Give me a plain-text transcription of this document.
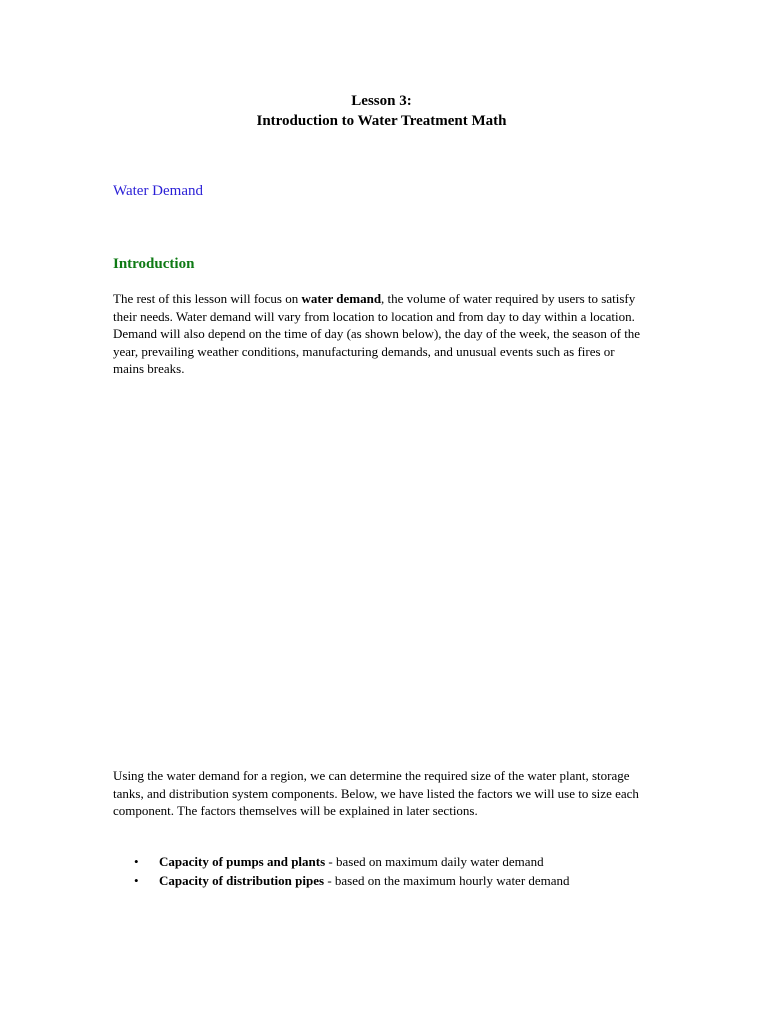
Lesson 3:
Introduction to Water Treatment Math
Water Demand
Introduction

The rest of this lesson will focus on water demand, the volume of water required by users to satisfy their needs. Water demand will vary from location to location and from day to day within a location. Demand will also depend on the time of day (as shown below), the day of the week, the season of the year, prevailing weather conditions, manufacturing demands, and unusual events such as fires or mains breaks.

Using the water demand for a region, we can determine the required size of the water plant, storage tanks, and distribution system components. Below, we have listed the factors we will use to size each component. The factors themselves will be explained in later sections.

• Capacity of pumps and plants - based on maximum daily water demand
• Capacity of distribution pipes - based on the maximum hourly water demand
